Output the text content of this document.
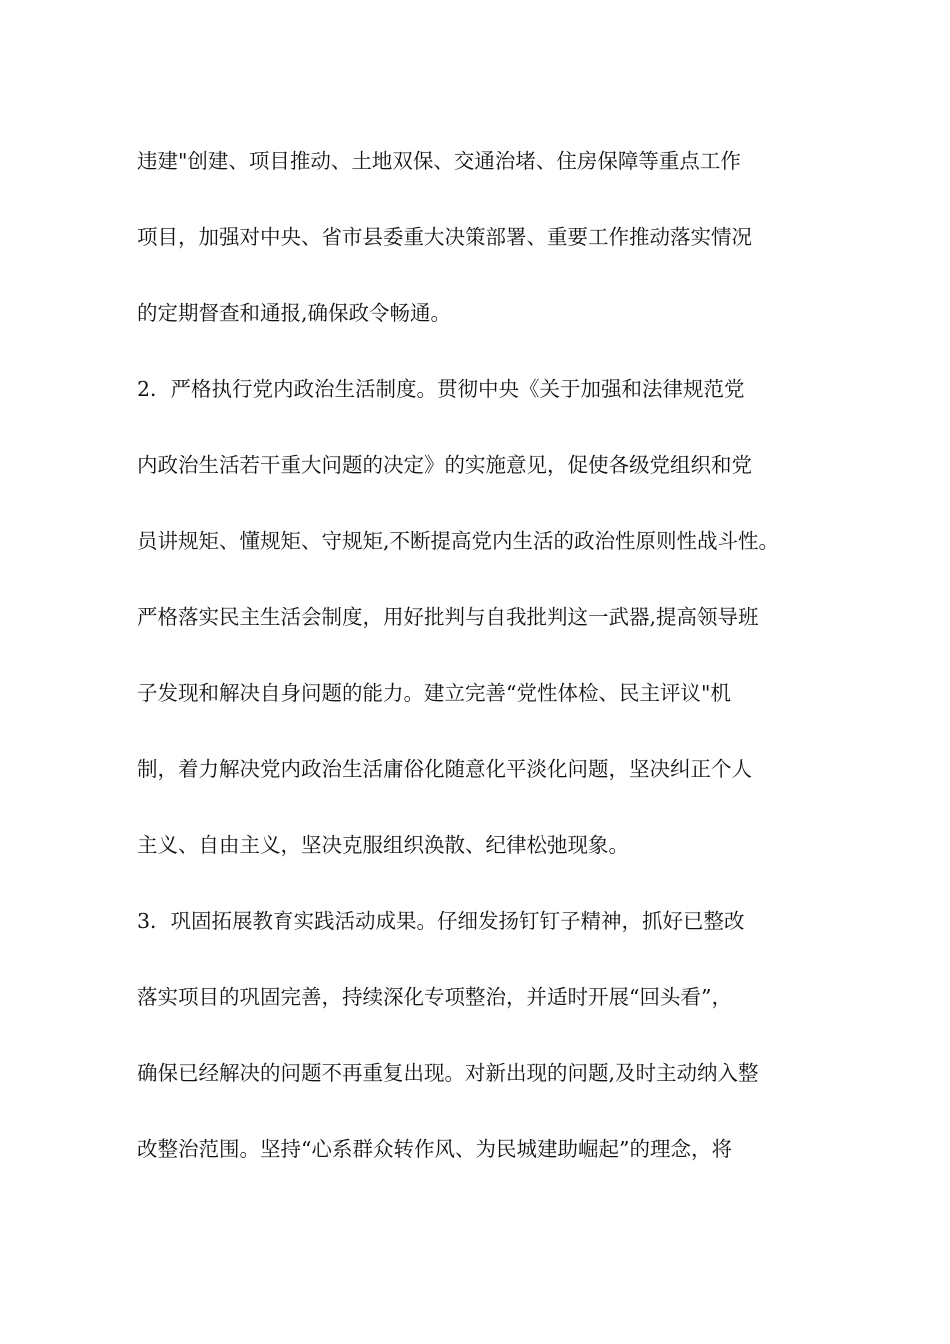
违建"创建、项目推动、土地双保、交通治堵、住房保障等重点工作
项目，加强对中央、省市县委重大决策部署、重要工作推动落实情况
的定期督查和通报,确保政令畅通。
2．严格执行党内政治生活制度。贯彻中央《关于加强和法律规范党
内政治生活若干重大问题的决定》的实施意见，促使各级党组织和党
员讲规矩、懂规矩、守规矩,不断提高党内生活的政治性原则性战斗性。
严格落实民主生活会制度，用好批判与自我批判这一武器,提高领导班
子发现和解决自身问题的能力。建立完善“党性体检、民主评议"机
制，着力解决党内政治生活庸俗化随意化平淡化问题，坚决纠正个人
主义、自由主义，坚决克服组织涣散、纪律松弛现象。
3．巩固拓展教育实践活动成果。仔细发扬钉钉子精神，抓好已整改
落实项目的巩固完善，持续深化专项整治，并适时开展“回头看”，
确保已经解决的问题不再重复出现。对新出现的问题,及时主动纳入整
改整治范围。坚持“心系群众转作风、为民城建助崛起”的理念，将
